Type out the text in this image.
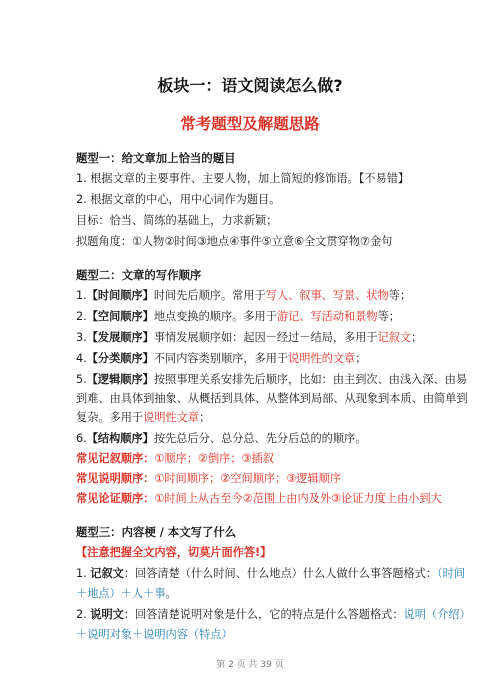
板块一：语文阅读怎么做?
常考题型及解题思路
题型一：给文章加上恰当的题目
1. 根据文章的主要事件、主要人物，加上简短的修饰语。【不易错】
2. 根据文章的中心，用中心词作为题目。
目标：恰当、简练的基础上，力求新颖；
拟题角度：①人物②时间③地点④事件⑤立意⑥全文贯穿物⑦金句
题型二：文章的写作顺序
1.【时间顺序】时间先后顺序。常用于写人、叙事、写景、状物等；
2.【空间顺序】地点变换的顺序。多用于游记、写活动和景物等；
3.【发展顺序】事情发展顺序如：起因－经过－结局，多用于记叙文；
4.【分类顺序】不同内容类别顺序，多用于说明性的文章；
5.【逻辑顺序】按照事理关系安排先后顺序，比如：由主到次、由浅入深、由易
到难、由具体到抽象、从概括到具体、从整体到局部、从现象到本质、由简单到
复杂。多用于说明性文章；
6.【结构顺序】按先总后分、总分总、先分后总的的顺序。
常见记叙顺序：①顺序；②倒序；③插叙
常见说明顺序：①时间顺序；②空间顺序；③逻辑顺序
常见论证顺序：①时间上从古至今②范围上由内及外③论证力度上由小到大
题型三：内容梗 / 本文写了什么
【注意把握全文内容，切莫片面作答!】
1. 记叙文：回答清楚（什么时间、什么地点）什么人做什么事答题格式：（时间
＋地点）＋人＋事。
2. 说明文：回答清楚说明对象是什么，它的特点是什么答题格式：说明（介绍）
＋说明对象＋说明内容（特点）
第 2 页 共 39 页
